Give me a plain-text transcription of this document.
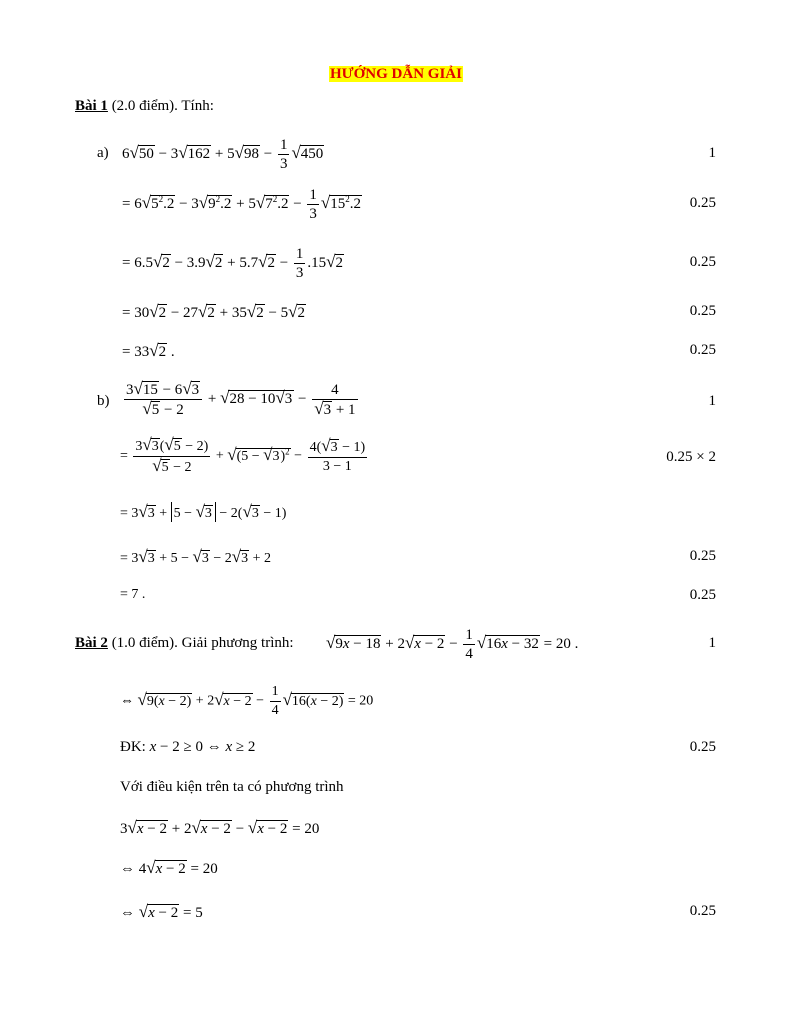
HƯỚNG DẪN GIẢI
Bài 1 (2.0 điểm). Tính:
a) $6√50 - 3√162 + 5√98 - \frac{1}{3} √450$	1
= $6√5^2.2 - 3√9^2.2 + 5√7^2.2 - \frac{1}{3} √15^2.2$	0.25
= $6.5√2 - 3.9√2 + 5.7√2 - \frac{1}{3} .15√2$	0.25
= 30√2 − 27√2 + 35√2 − 5√2	0.25
= 33√2 .	0.25
$b) \frac{3√15 - 6√3}{√5 - 2} + √28 - 10√3 - \frac{4}{√3 + 1}$	1
= $\frac{3√3(√5 - 2)}{√5 - 2} + √(5 - √3)^2 - \frac{4(√3 - 1)}{3 - 1}$	0.25 × 2
= 3√3 + 5 − √3 − 2(√3 − 1)
= 3√3 + 5 − √3 − 2√3 + 2	0.25
= 7 .	0.25
Bài 2 (1.0 điểm). Giải phương trình: $√9x - 18 + 2√x - 2 - \frac{1}{4} √16x - 32 = 20$ .	1
⇔ $√9(x - 2) + 2√x - 2 - \frac{1}{4} √16(x - 2) = 20$
ĐK: x − 2 ≥ 0 ⇔ x ≥ 2	0.25
Với điều kiện trên ta có phương trình
3√x − 2 + 2√x − 2 − √x − 2 = 20
⇔ 4√x − 2 = 20
⇔ √x − 2 = 5	0.25
